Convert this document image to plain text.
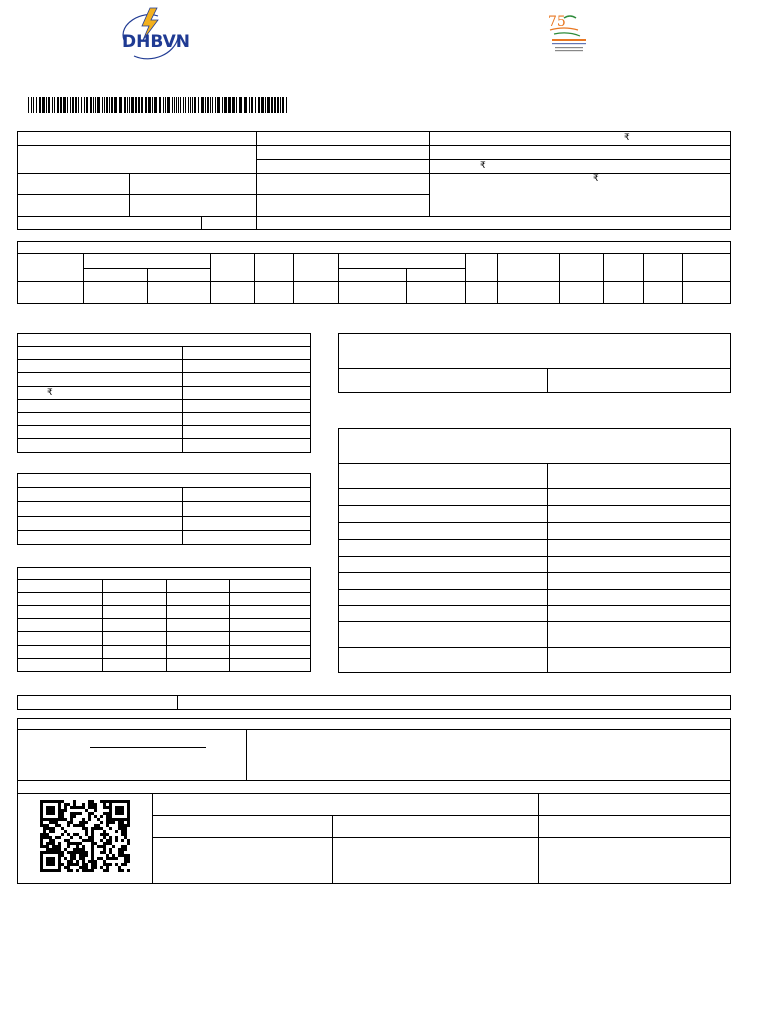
DHBVN
75
₹
₹
₹
₹
